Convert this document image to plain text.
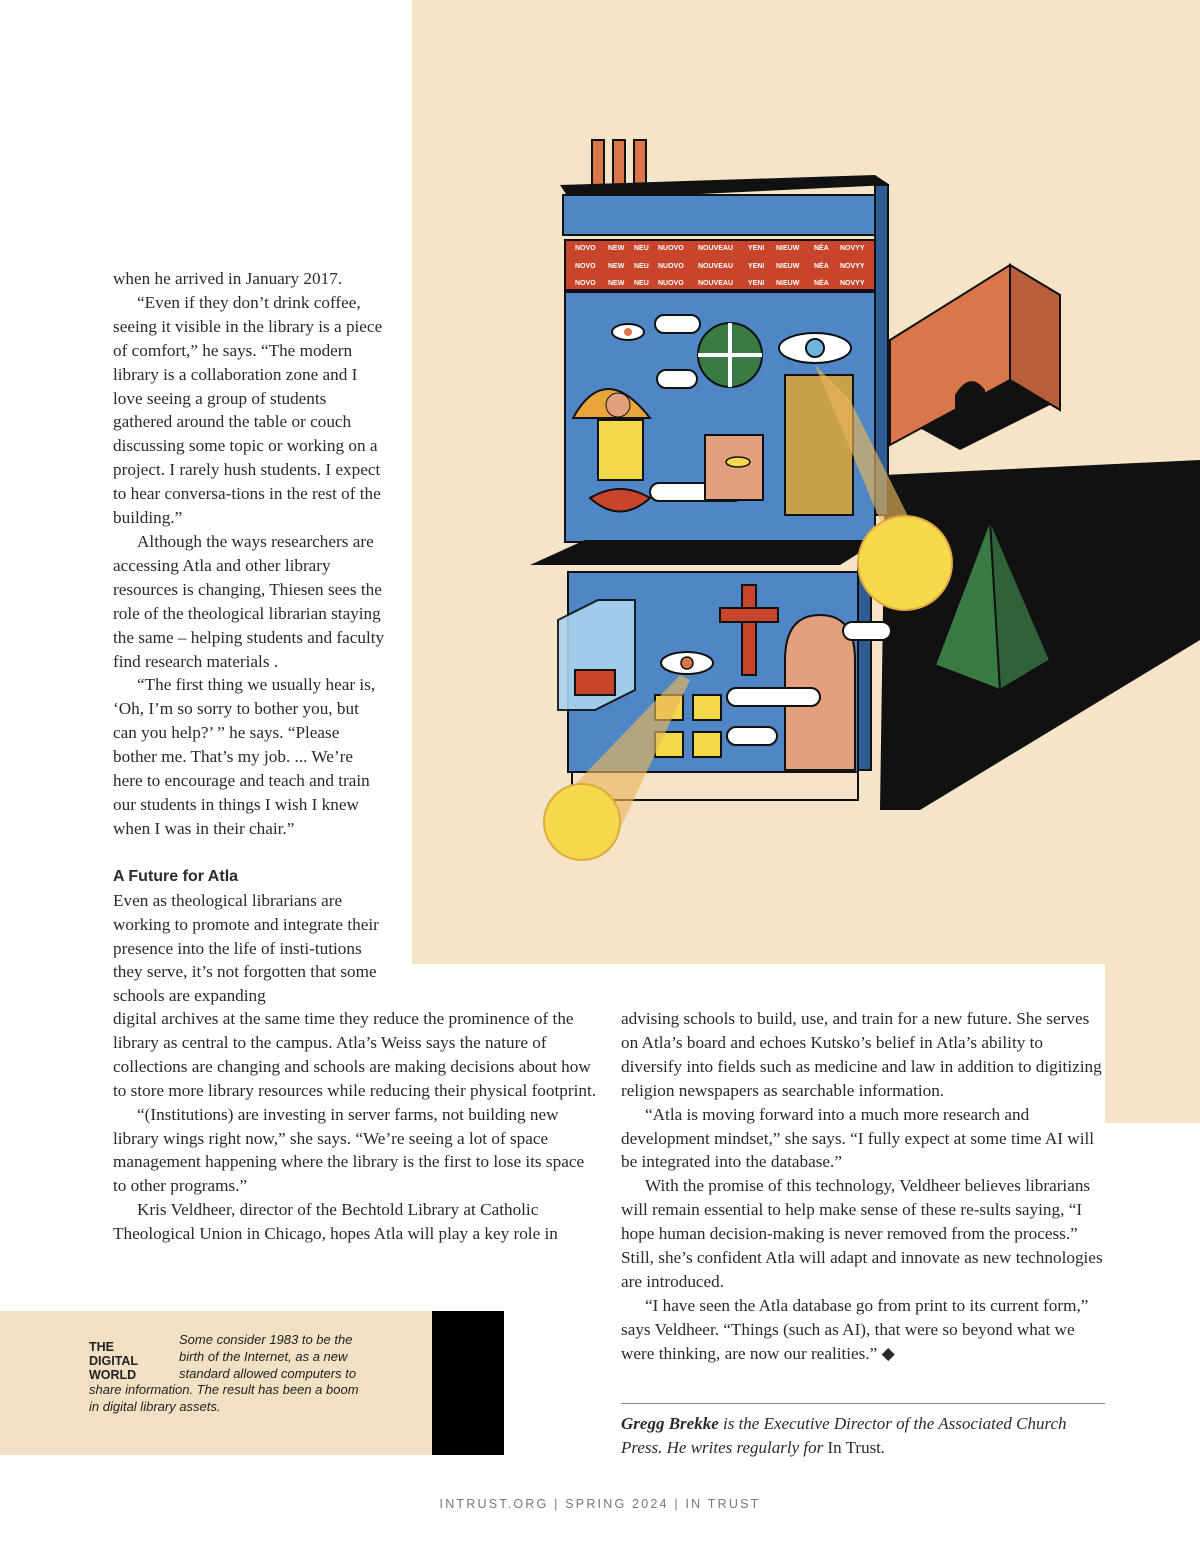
NOVO NEW NEU NUOVO NOUVEAU YENI NIEUW NÉA NOVYY
NOVO NEW NEU NUOVO NOUVEAU YENI NIEUW NÉA NOVYY
NOVO NEW NEU NUOVO NOUVEAU YENI NIEUW NÉA NOVYY

when he arrived in January 2017.

“Even if they don’t drink coffee, seeing it visible in the library is a piece of comfort,” he says. “The modern library is a collaboration zone and I love seeing a group of students gathered around the table or couch discussing some topic or working on a project. I rarely hush students. I expect to hear conversa-tions in the rest of the building.”

Although the ways researchers are accessing Atla and other library resources is changing, Thiesen sees the role of the theological librarian staying the same – helping students and faculty find research materials .

“The first thing we usually hear is, ‘Oh, I’m so sorry to bother you, but can you help?’ ” he says. “Please bother me. That’s my job. ... We’re here to encourage and teach and train our students in things I wish I knew when I was in their chair.”

A Future for Atla

Even as theological librarians are working to promote and integrate their presence into the life of insti-tutions they serve, it’s not forgotten that some schools are expanding

digital archives at the same time they reduce the prominence of the library as central to the campus. Atla’s Weiss says the nature of collections are changing and schools are making decisions about how to store more library resources while reducing their physical footprint.

“(Institutions) are investing in server farms, not building new library wings right now,” she says. “We’re seeing a lot of space management happening where the library is the first to lose its space to other programs.”

Kris Veldheer, director of the Bechtold Library at Catholic Theological Union in Chicago, hopes Atla will play a key role in

advising schools to build, use, and train for a new future. She serves on Atla’s board and echoes Kutsko’s belief in Atla’s ability to diversify into fields such as medicine and law in addition to digitizing religion newspapers as searchable information.

“Atla is moving forward into a much more research and development mindset,” she says. “I fully expect at some time AI will be integrated into the database.”

With the promise of this technology, Veldheer believes librarians will remain essential to help make sense of these re-sults saying, “I hope human decision-making is never removed from the process.” Still, she’s confident Atla will adapt and innovate as new technologies are introduced.

“I have seen the Atla database go from print to its current form,” says Veldheer. “Things (such as AI), that were so beyond what we were thinking, are now our realities.” ◆

Gregg Brekke is the Executive Director of the Associated Church Press. He writes regularly for In Trust.
THE
DIGITAL
WORLD
Some consider 1983 to be the birth of the Internet, as a new standard allowed computers to
share information. The result has been a boom in digital library assets.
INTRUST.ORG | SPRING 2024 | IN TRUST
